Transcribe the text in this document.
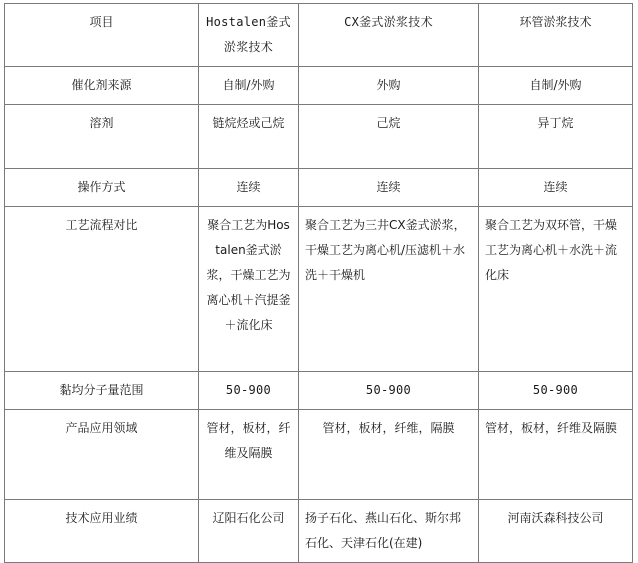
项目	Hostalen釜式淤浆技术	CX釜式淤浆技术	环管淤浆技术
催化剂来源	自制/外购	外购	自制/外购
溶剂	链烷烃或己烷	己烷	异丁烷
操作方式	连续	连续	连续
工艺流程对比	聚合工艺为Hostalen釜式淤浆，干燥工艺为离心机＋汽提釜＋流化床	聚合工艺为三井CX釜式淤浆，干燥工艺为离心机/压滤机＋水洗＋干燥机	聚合工艺为双环管，干燥工艺为离心机＋水洗＋流化床
黏均分子量范围	50-900	50-900	50-900
产品应用领域	管材，板材，纤维及隔膜	管材，板材，纤维，隔膜	管材，板材，纤维及隔膜
技术应用业绩	辽阳石化公司	扬子石化、燕山石化、斯尔邦石化、天津石化(在建)	河南沃森科技公司
